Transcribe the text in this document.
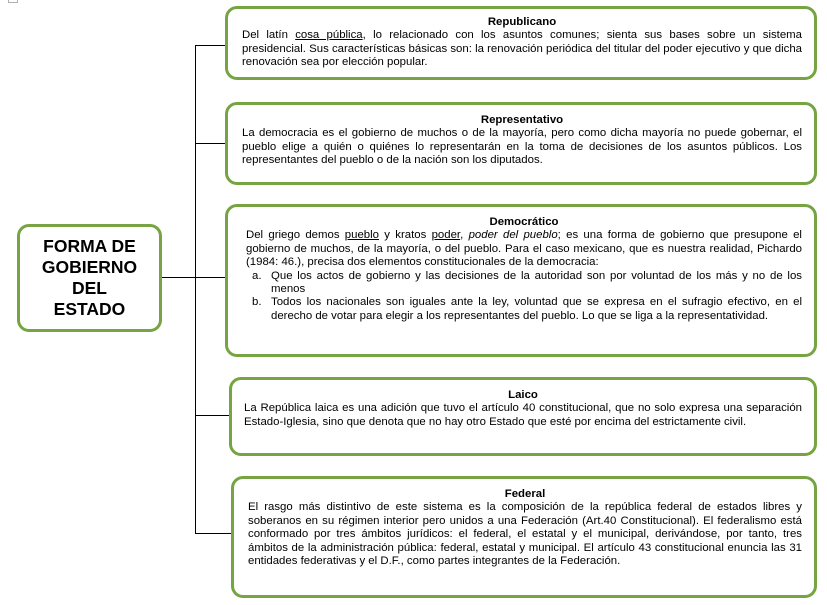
FORMA DE
GOBIERNO
DEL
ESTADO
Republicano

Del latín cosa pública, lo relacionado con los asuntos comunes; sienta sus bases sobre un sistema presidencial. Sus características básicas son: la renovación periódica del titular del poder ejecutivo y que dicha renovación sea por elección popular.

Representativo

La democracia es el gobierno de muchos o de la mayoría, pero como dicha mayoría no puede gobernar, el pueblo elige a quién o quiénes lo representarán en la toma de decisiones de los asuntos públicos. Los representantes del pueblo o de la nación son los diputados.

Democrático

Del griego demos pueblo y kratos poder, poder del pueblo; es una forma de gobierno que presupone el gobierno de muchos, de la mayoría, o del pueblo. Para el caso mexicano, que es nuestra realidad, Pichardo (1984: 46.), precisa dos elementos constitucionales de la democracia:

a. Que los actos de gobierno y las decisiones de la autoridad son por voluntad de los más y no de los menos
b. Todos los nacionales son iguales ante la ley, voluntad que se expresa en el sufragio efectivo, en el derecho de votar para elegir a los representantes del pueblo. Lo que se liga a la representatividad.
Laico

La República laica es una adición que tuvo el artículo 40 constitucional, que no solo expresa una separación Estado-Iglesia, sino que denota que no hay otro Estado que esté por encima del estrictamente civil.

Federal

El rasgo más distintivo de este sistema es la composición de la república federal de estados libres y soberanos en su régimen interior pero unidos a una Federación (Art.40 Constitucional). El federalismo está conformado por tres ámbitos jurídicos: el federal, el estatal y el municipal, derivándose, por tanto, tres ámbitos de la administración pública: federal, estatal y municipal. El artículo 43 constitucional enuncia las 31 entidades federativas y el D.F., como partes integrantes de la Federación.
